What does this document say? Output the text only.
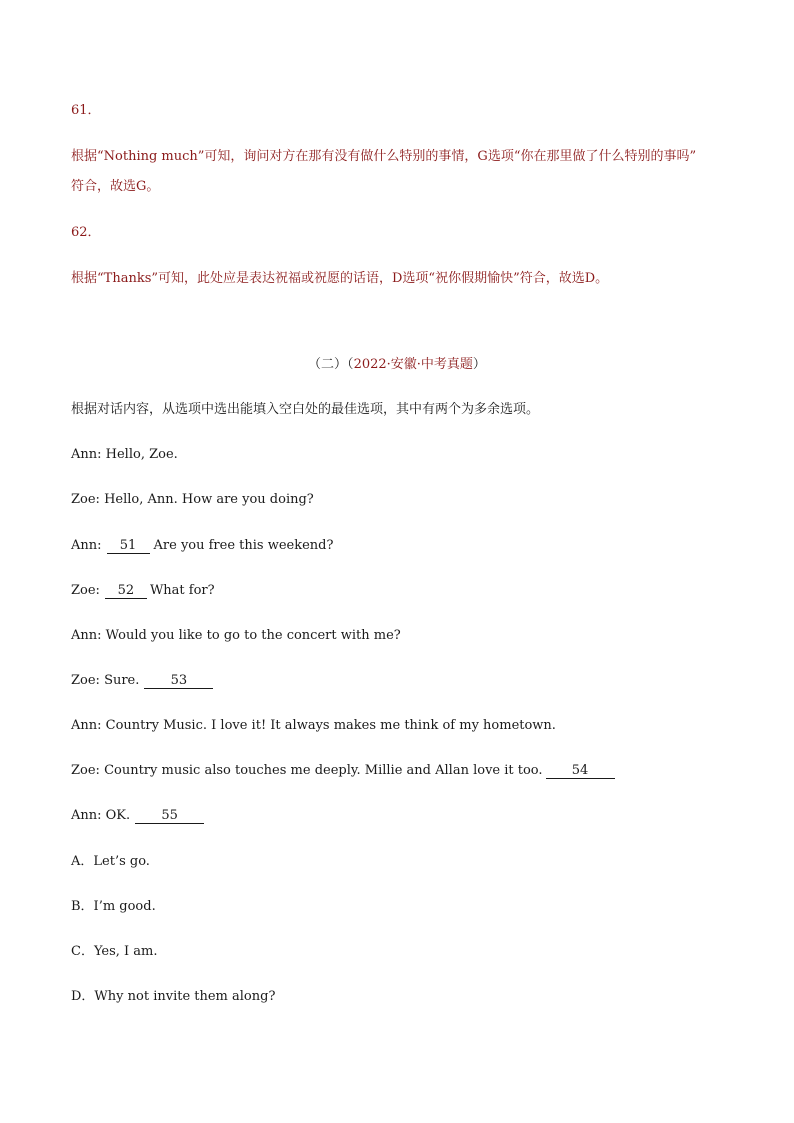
61．
根据“Nothing much”可知，询问对方在那有没有做什么特别的事情，G选项“你在那里做了什么特别的事吗”
符合，故选G。
62．
根据“Thanks”可知，此处应是表达祝福或祝愿的话语，D选项“祝你假期愉快”符合，故选D。
（二）（2022·安徽·中考真题）
根据对话内容，从选项中选出能填入空白处的最佳选项，其中有两个为多余选项。
Ann: Hello, Zoe.
Zoe: Hello, Ann. How are you doing?
Ann: 51 Are you free this weekend?
Zoe: 52 What for?
Ann: Would you like to go to the concert with me?
Zoe: Sure. 53
Ann: Country Music. I love it! It always makes me think of my hometown.
Zoe: Country music also touches me deeply. Millie and Allan love it too. 54
Ann: OK. 55
A．Let’s go.
B．I’m good.
C．Yes, I am.
D．Why not invite them along?
